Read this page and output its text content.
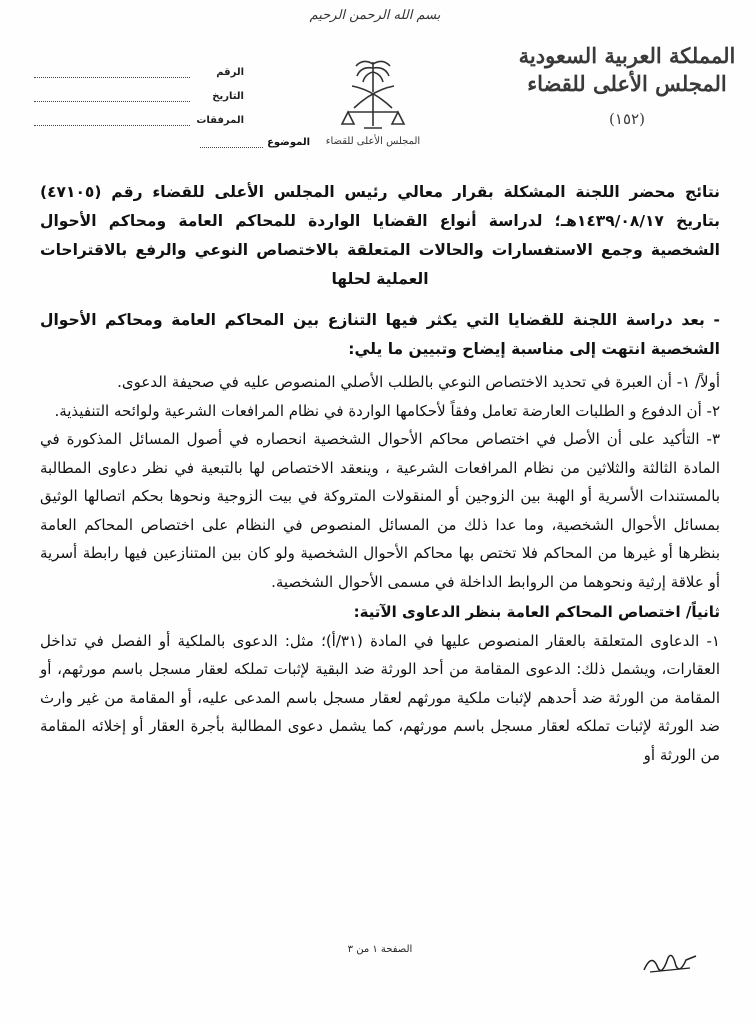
بسم الله الرحمن الرحيم
المملكة العربية السعودية
المجلس الأعلى للقضاء
(١٥٢)
المجلس الأعلى للقضاء
الرقم
التاريخ
المرفقات
الموضوع
نتائج محضر اللجنة المشكلة بقرار معالي رئيس المجلس الأعلى للقضاء رقم (٤٧١٠٥) بتاريخ ١٤٣٩/٠٨/١٧هـ؛ لدراسة أنواع القضايا الواردة للمحاكم العامة ومحاكم الأحوال الشخصية وجمع الاستفسارات والحالات المتعلقة بالاختصاص النوعي والرفع بالاقتراحات العملية لحلها

- بعد دراسة اللجنة للقضايا التي يكثر فيها التنازع بين المحاكم العامة ومحاكم الأحوال الشخصية انتهت إلى مناسبة إيضاح وتبيين ما يلي:

أولاً/ ١- أن العبرة في تحديد الاختصاص النوعي بالطلب الأصلي المنصوص عليه في صحيفة الدعوى.

٢- أن الدفوع و الطلبات العارضة تعامل وفقاً لأحكامها الواردة في نظام المرافعات الشرعية ولوائحه التنفيذية.

٣- التأكيد على أن الأصل في اختصاص محاكم الأحوال الشخصية انحصاره في أصول المسائل المذكورة في المادة الثالثة والثلاثين من نظام المرافعات الشرعية ، وينعقد الاختصاص لها بالتبعية في نظر دعاوى المطالبة بالمستندات الأسرية أو الهبة بين الزوجين أو المنقولات المتروكة في بيت الزوجية ونحوها بحكم اتصالها الوثيق بمسائل الأحوال الشخصية، وما عدا ذلك من المسائل المنصوص في النظام على اختصاص المحاكم العامة بنظرها أو غيرها من المحاكم فلا تختص بها محاكم الأحوال الشخصية ولو كان بين المتنازعين فيها رابطة أسرية أو علاقة إرثية ونحوهما من الروابط الداخلة في مسمى الأحوال الشخصية.

ثانياً/ اختصاص المحاكم العامة بنظر الدعاوى الآتية:

١- الدعاوى المتعلقة بالعقار المنصوص عليها في المادة (٣١/أ)؛ مثل: الدعوى بالملكية أو الفصل في تداخل العقارات، ويشمل ذلك: الدعوى المقامة من أحد الورثة ضد البقية لإثبات تملكه لعقار مسجل باسم مورثهم، أو المقامة من الورثة ضد أحدهم لإثبات ملكية مورثهم لعقار مسجل باسم المدعى عليه، أو المقامة من غير وارث ضد الورثة لإثبات تملكه لعقار مسجل باسم مورثهم، كما يشمل دعوى المطالبة بأجرة العقار أو إخلائه المقامة من الورثة أو

الصفحة ١ من ٣
